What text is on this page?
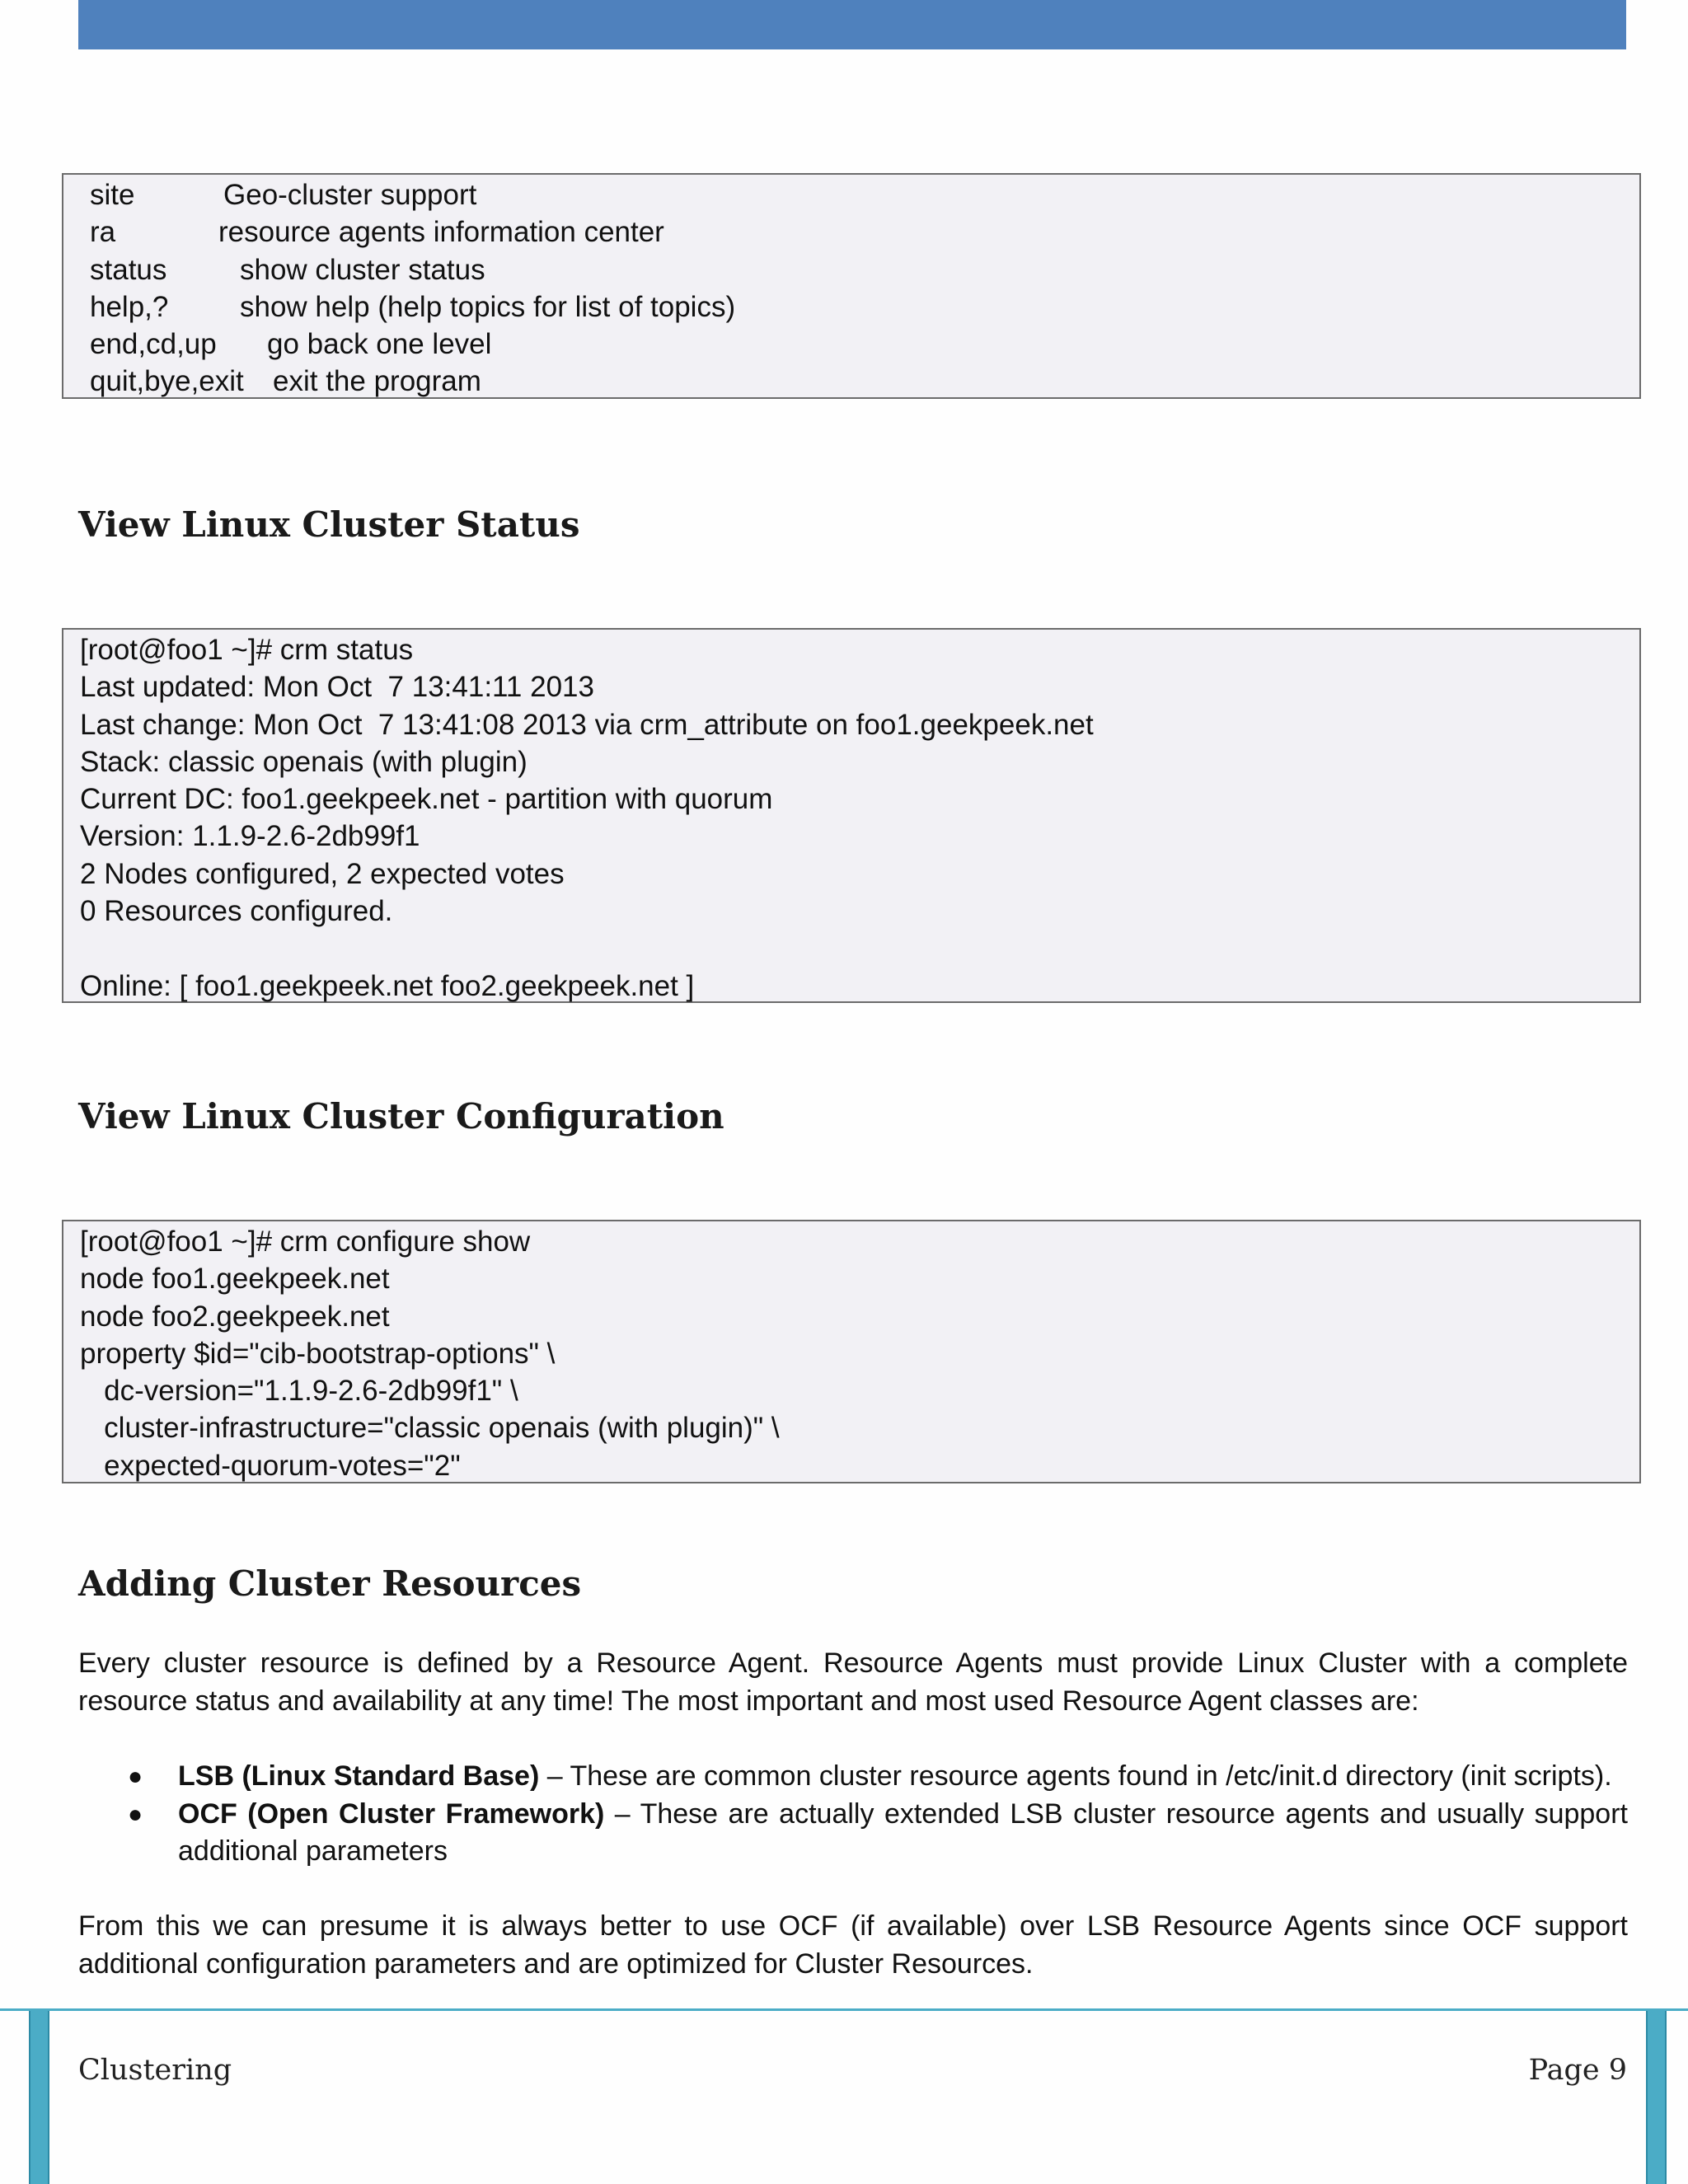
site	Geo-cluster support
ra	resource agents information center
status	show cluster status
help,? show help (help topics for list of topics)
end,cd,up go back one level
quit,bye,exit exit the program
View Linux Cluster Status
[root@foo1 ~]# crm status
Last updated: Mon Oct  7 13:41:11 2013
Last change: Mon Oct  7 13:41:08 2013 via crm_attribute on foo1.geekpeek.net
Stack: classic openais (with plugin)
Current DC: foo1.geekpeek.net - partition with quorum
Version: 1.1.9-2.6-2db99f1
2 Nodes configured, 2 expected votes
0 Resources configured.
Online: [ foo1.geekpeek.net foo2.geekpeek.net ]
View Linux Cluster Configuration
[root@foo1 ~]# crm configure show
node foo1.geekpeek.net
node foo2.geekpeek.net
property $id="cib-bootstrap-options" \
dc-version="1.1.9-2.6-2db99f1" \
cluster-infrastructure="classic openais (with plugin)" \
expected-quorum-votes="2"
Adding Cluster Resources

Every cluster resource is defined by a Resource Agent. Resource Agents must provide Linux Cluster with a complete resource status and availability at any time! The most important and most used Resource Agent classes are:

● LSB (Linux Standard Base) – These are common cluster resource agents found in /etc/init.d directory (init scripts).
● OCF (Open Cluster Framework) – These are actually extended LSB cluster resource agents and usually support additional parameters

From this we can presume it is always better to use OCF (if available) over LSB Resource Agents since OCF support additional configuration parameters and are optimized for Cluster Resources.

Clustering	Page 9
